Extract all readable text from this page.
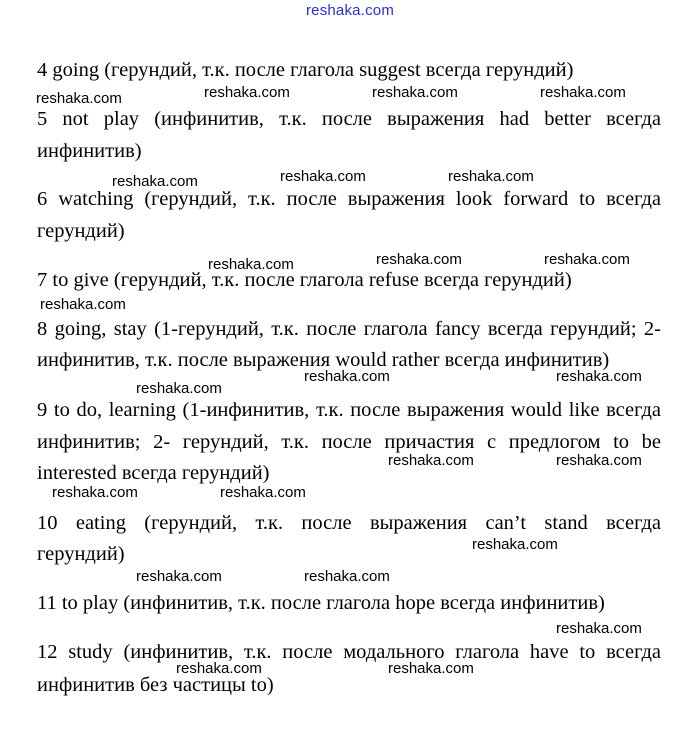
reshaka.com
4 going (герундий, т.к. после глагола suggest всегда герундий)
5 not play (инфинитив, т.к. после выражения had better всегда
инфинитив)
6 watching (герундий, т.к. после выражения look forward to всегда
герундий)
7 to give (герундий, т.к. после глагола refuse всегда герундий)
8 going, stay (1-герундий, т.к. после глагола fancy всегда герундий; 2-
инфинитив, т.к. после выражения would rather всегда инфинитив)
9 to do, learning (1-инфинитив, т.к. после выражения would like всегда
инфинитив; 2- герундий, т.к. после причастия с предлогом to be
interested всегда герундий)
10 eating (герундий, т.к. после выражения can’t stand всегда
герундий)
11 to play (инфинитив, т.к. после глагола hope всегда инфинитив)
12 study (инфинитив, т.к. после модального глагола have to всегда
инфинитив без частицы to)
reshaka.com	reshaka.com	reshaka.com	reshaka.com
reshaka.com	reshaka.com	reshaka.com
reshaka.com	reshaka.com
reshaka.com
reshaka.com
reshaka.com	reshaka.com
reshaka.com
reshaka.com	reshaka.com
reshaka.com	reshaka.com
reshaka.com
reshaka.com	reshaka.com
reshaka.com
reshaka.com	reshaka.com
